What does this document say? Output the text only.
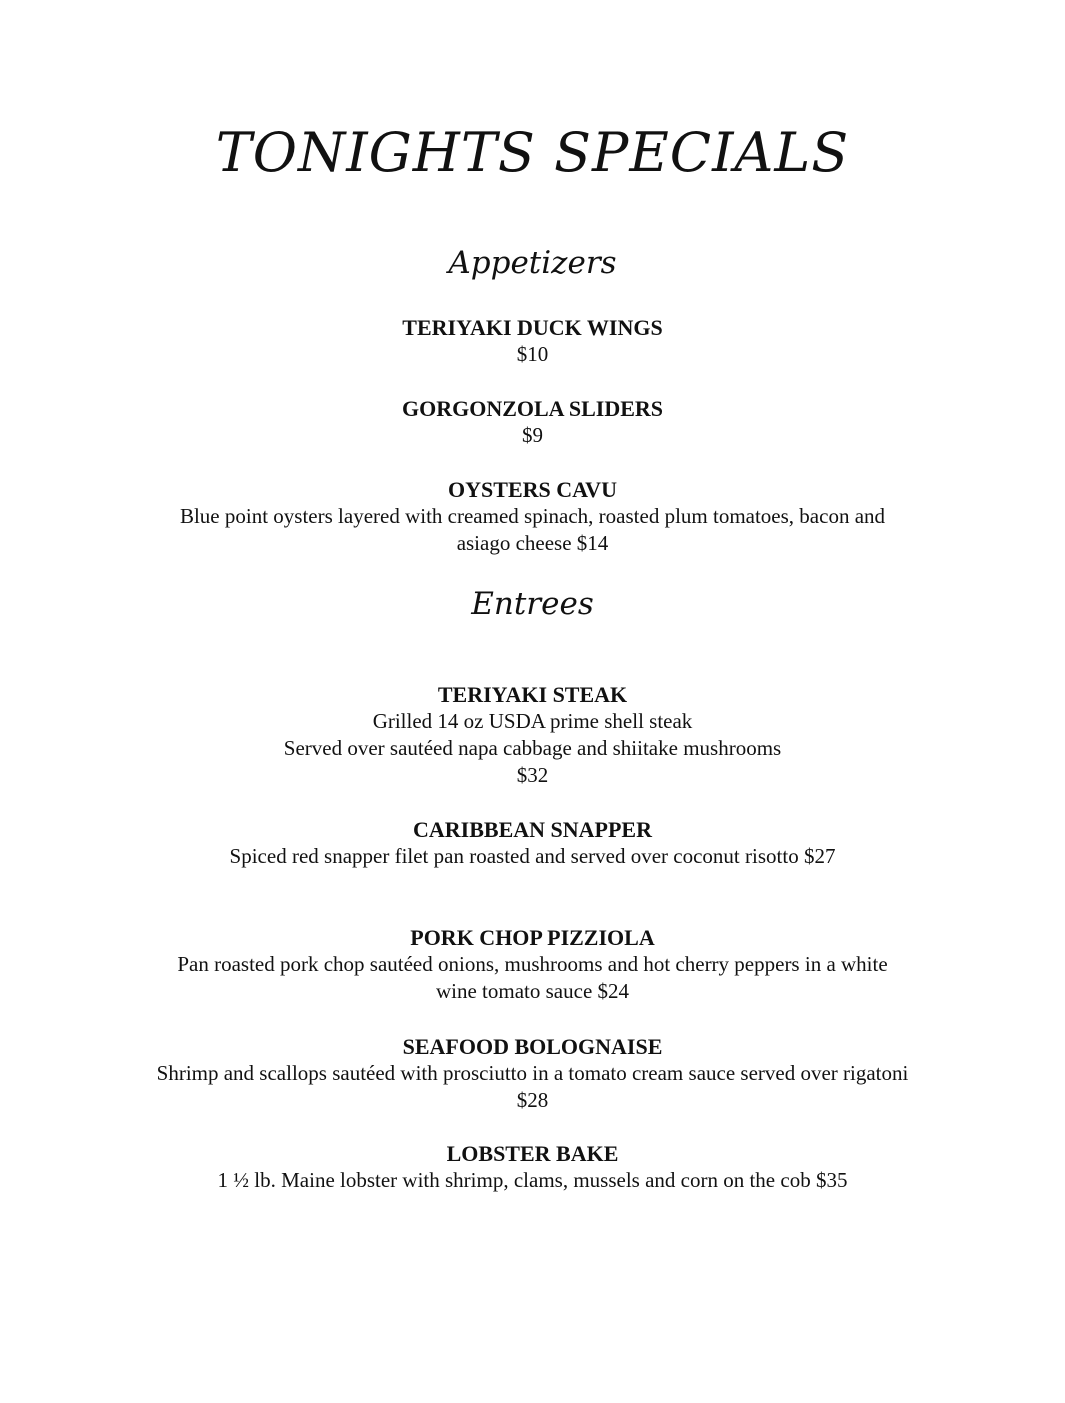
TONIGHTS SPECIALS
Appetizers
TERIYAKI DUCK WINGS
$10
GORGONZOLA SLIDERS
$9
OYSTERS CAVU
Blue point oysters layered with creamed spinach, roasted plum tomatoes, bacon and
asiago cheese $14
Entrees
TERIYAKI STEAK
Grilled 14 oz USDA prime shell steak
Served over sautéed napa cabbage and shiitake mushrooms
$32
CARIBBEAN SNAPPER
Spiced red snapper filet pan roasted and served over coconut risotto $27
PORK CHOP PIZZIOLA
Pan roasted pork chop sautéed onions, mushrooms and hot cherry peppers in a white
wine tomato sauce $24
SEAFOOD BOLOGNAISE
Shrimp and scallops sautéed with prosciutto in a tomato cream sauce served over rigatoni
$28
LOBSTER BAKE
1 ½ lb. Maine lobster with shrimp, clams, mussels and corn on the cob $35
